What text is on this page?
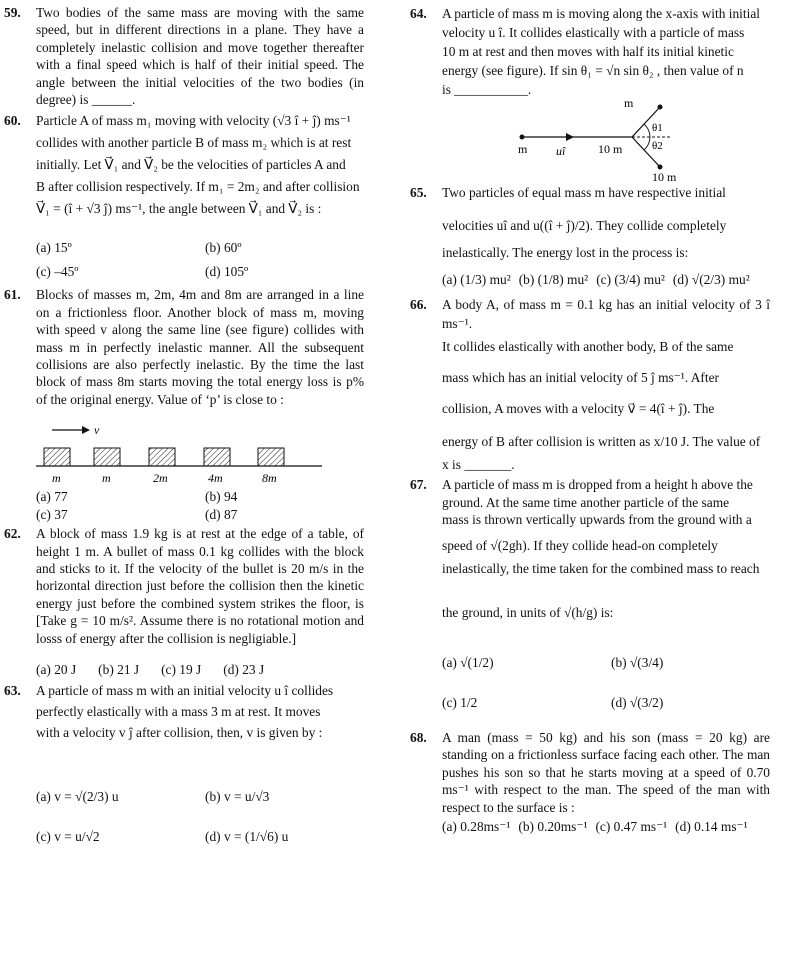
59. Two bodies of the same mass are moving with the same speed, but in different directions in a plane. They have a completely inelastic collision and move together thereafter with a final speed which is half of their initial speed. The angle between the initial velocities of the two bodies (in degree) is ______.

60. Particle A of mass m₁ moving with velocity (√3 î + ĵ) ms⁻¹

collides with another particle B of mass m₂ which is at rest

initially. Let V⃗₁ and V⃗₂ be the velocities of particles A and

B after collision respectively. If m₁ = 2m₂ and after collision

V⃗₁ = (î + √3 ĵ) ms⁻¹, the angle between V⃗₁ and V⃗₂ is :

(a) 15º	(b) 60º
(c) –45º	(d) 105º
61. Blocks of masses m, 2m, 4m and 8m are arranged in a line on a frictionless floor. Another block of mass m, moving with speed v along the same line (see figure) collides with mass m in perfectly inelastic manner. All the subsequent collisions are also perfectly inelastic. By the time the last block of mass 8m starts moving the total energy loss is p% of the original energy. Value of ‘p’ is close to :

v
m	m	2m	4m	8m
(a) 77	(b) 94
(c) 37	(d) 87
62. A block of mass 1.9 kg is at rest at the edge of a table, of height 1 m. A bullet of mass 0.1 kg collides with the block and sticks to it. If the velocity of the bullet is 20 m/s in the horizontal direction just before the collision then the kinetic energy just before the combined system strikes the floor, is [Take g = 10 m/s². Assume there is no rotational motion and losss of energy after the collision is negligiable.]

(a) 20 J (b) 21 J (c) 19 J (d) 23 J
63. A particle of mass m with an initial velocity u î collides

perfectly elastically with a mass 3 m at rest. It moves

with a velocity v ĵ after collision, then, v is given by :

(a) v = √(2/3) u	(b) v = u/√3
(c) v = u/√2	(d) v = (1/√6) u
64. A particle of mass m is moving along the x-axis with initial

velocity u î. It collides elastically with a particle of mass

10 m at rest and then moves with half its initial kinetic

energy (see figure). If sin θ₁ = √n sin θ₂ , then value of n

is ___________.

m
θ1
θ2
m uî	10 m
10 m
65. Two particles of equal mass m have respective initial

velocities uî and u((î + ĵ)/2). They collide completely

inelastically. The energy lost in the process is:

(a) (1/3) mu² (b) (1/8) mu² (c) (3/4) mu² (d) √(2/3) mu²
66. A body A, of mass m = 0.1 kg has an initial velocity of 3 î ms⁻¹.

It collides elastically with another body, B of the same

mass which has an initial velocity of 5 ĵ ms⁻¹. After

collision, A moves with a velocity v⃗ = 4(î + ĵ). The

energy of B after collision is written as x/10 J. The value of

x is _______.

67. A particle of mass m is dropped from a height h above the

ground. At the same time another particle of the same

mass is thrown vertically upwards from the ground with a

speed of √(2gh). If they collide head-on completely

inelastically, the time taken for the combined mass to reach

the ground, in units of √(h/g) is:

(a) √(1/2)	(b) √(3/4)
(c) 1/2	(d) √(3/2)
68. A man (mass = 50 kg) and his son (mass = 20 kg) are standing on a frictionless surface facing each other. The man pushes his son so that he starts moving at a speed of 0.70 ms⁻¹ with respect to the man. The speed of the man with respect to the surface is :

(a) 0.28ms⁻¹ (b) 0.20ms⁻¹ (c) 0.47 ms⁻¹ (d) 0.14 ms⁻¹
